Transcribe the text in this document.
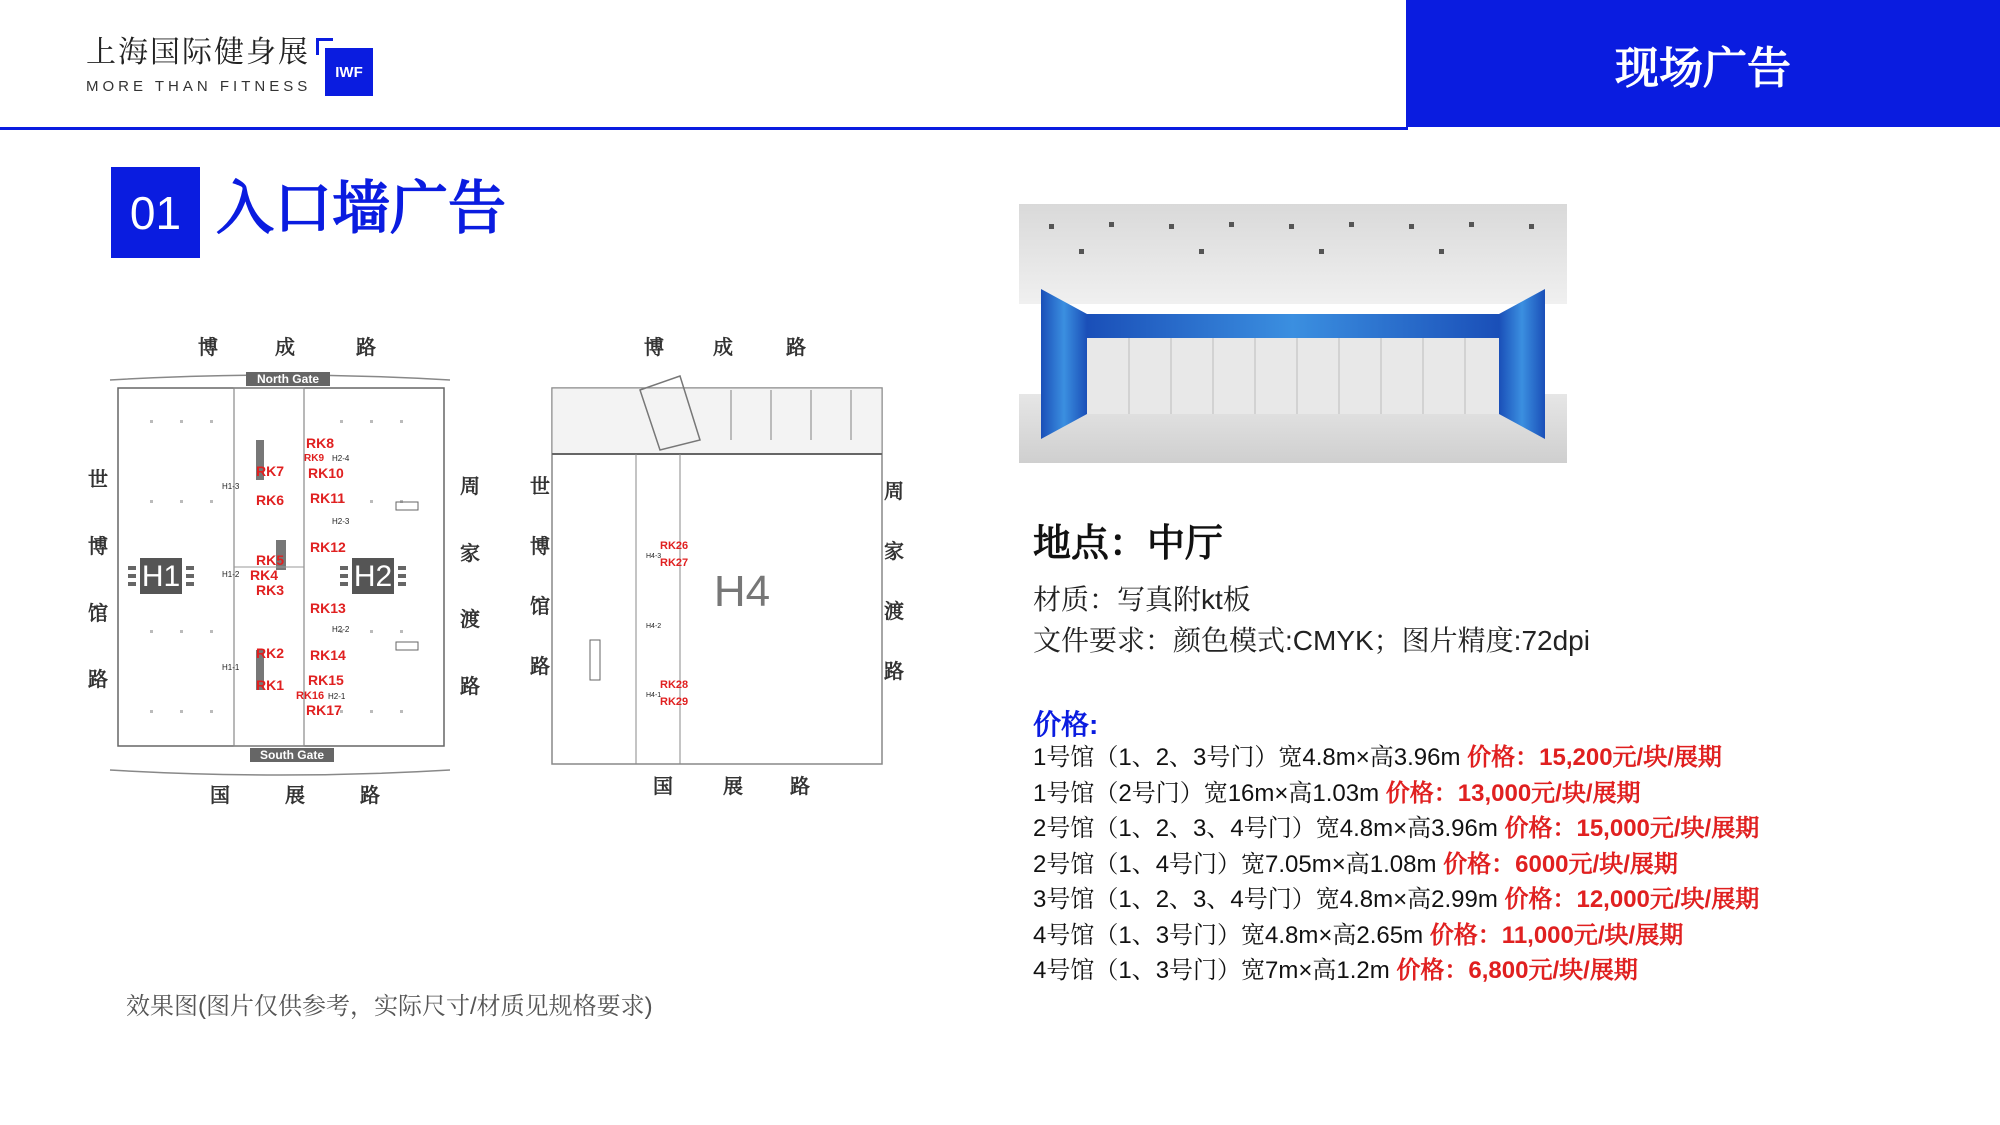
上海国际健身展
MORE THAN FITNESS
IWF	现场广告
01 入口墙广告
博	成	路
国	展	路
世
博
馆
路
周
家
渡
路
North Gate
South Gate
H1	H2
RK8
RK9
RK7 RK10
RK6 RK11
RK12
RK5
RK4
RK3
RK13
RK2 RK14
RK1 RK15
RK16
RK17
H1-3
H1-2
H1-1
H2-4
H2-3
H2-2
H2-1
博 成	路
国	展 路
世
博
馆
路
周
家
渡
路
H4
RK26
RK27
RK28
RK29
H4-3
H4-2
H4-1
效果图(图片仅供参考，实际尺寸/材质见规格要求)
地点：中厅
材质：写真附kt板
文件要求：颜色模式:CMYK；图片精度:72dpi
价格:
1号馆（1、2、3号门）宽4.8m×高3.96m 价格：15,200元/块/展期
1号馆（2号门）宽16m×高1.03m 价格：13,000元/块/展期
2号馆（1、2、3、4号门）宽4.8m×高3.96m 价格：15,000元/块/展期
2号馆（1、4号门）宽7.05m×高1.08m 价格：6000元/块/展期
3号馆（1、2、3、4号门）宽4.8m×高2.99m 价格：12,000元/块/展期
4号馆（1、3号门）宽4.8m×高2.65m 价格：11,000元/块/展期
4号馆（1、3号门）宽7m×高1.2m 价格：6,800元/块/展期
